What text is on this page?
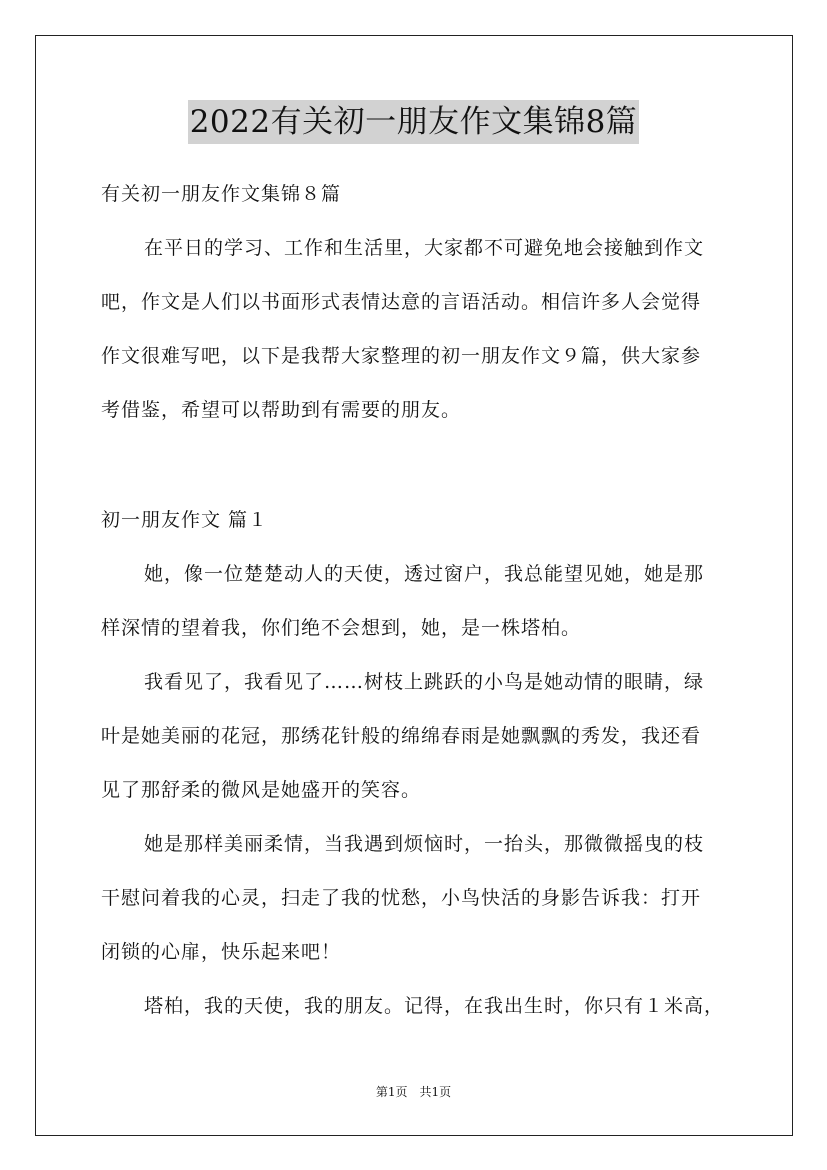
2022有关初一朋友作文集锦8篇
有关初一朋友作文集锦８篇
在平日的学习、工作和生活里，大家都不可避免地会接触到作文
吧，作文是人们以书面形式表情达意的言语活动。相信许多人会觉得
作文很难写吧，以下是我帮大家整理的初一朋友作文９篇，供大家参
考借鉴，希望可以帮助到有需要的朋友。
初一朋友作文 篇１
她，像一位楚楚动人的天使，透过窗户，我总能望见她，她是那
样深情的望着我，你们绝不会想到，她，是一株塔柏。
我看见了，我看见了……树枝上跳跃的小鸟是她动情的眼睛，绿
叶是她美丽的花冠，那绣花针般的绵绵春雨是她飘飘的秀发，我还看
见了那舒柔的微风是她盛开的笑容。
她是那样美丽柔情，当我遇到烦恼时，一抬头，那微微摇曳的枝
干慰问着我的心灵，扫走了我的忧愁，小鸟快活的身影告诉我：打开
闭锁的心扉，快乐起来吧！
塔柏，我的天使，我的朋友。记得，在我出生时，你只有１米高，
第1页　共1页
